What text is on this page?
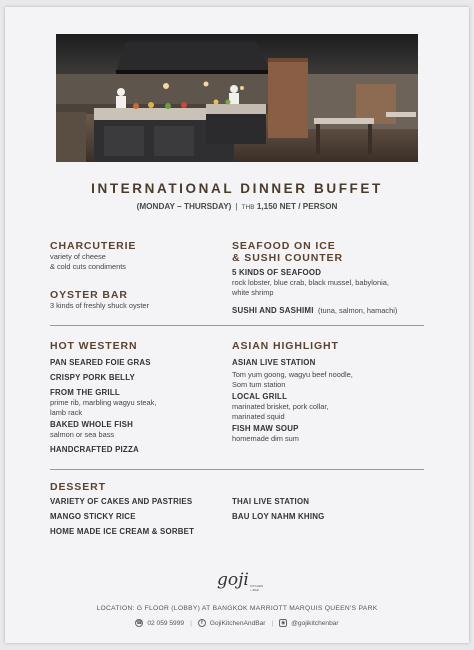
INTERNATIONAL DINNER BUFFET
(MONDAY – THURSDAY) | THB 1,150 NET / PERSON
CHARCUTERIE
variety of cheese
& cold cuts condiments
OYSTER BAR
3 kinds of freshly shuck oyster
SEAFOOD ON ICE
& SUSHI COUNTER
5 KINDS OF SEAFOOD
rock lobster, blue crab, black mussel, babylonia,
white shrimp
SUSHI AND SASHIMI (tuna, salmon, hamachi)
HOT WESTERN
PAN SEARED FOIE GRAS
CRISPY PORK BELLY
FROM THE GRILL
prime rib, marbling wagyu steak,
lamb rack
BAKED WHOLE FISH
salmon or sea bass
HANDCRAFTED PIZZA
ASIAN HIGHLIGHT
ASIAN LIVE STATION
Tom yum goong, wagyu beef noodle,
Som tum station
LOCAL GRILL
marinated brisket, pork collar,
marinated squid
FISH MAW SOUP
homemade dim sum
DESSERT
VARIETY OF CAKES AND PASTRIES
MANGO STICKY RICE
HOME MADE ICE CREAM & SORBET
THAI LIVE STATION
BAU LOY NAHM KHING
goji KITCHEN
+ BAR
LOCATION: G FLOOR (LOBBY) AT BANGKOK MARRIOTT MARQUIS QUEEN'S PARK
☎ 02 059 5999 |	f	GojiKitchenAndBar |	◉ @gojikitchenbar
